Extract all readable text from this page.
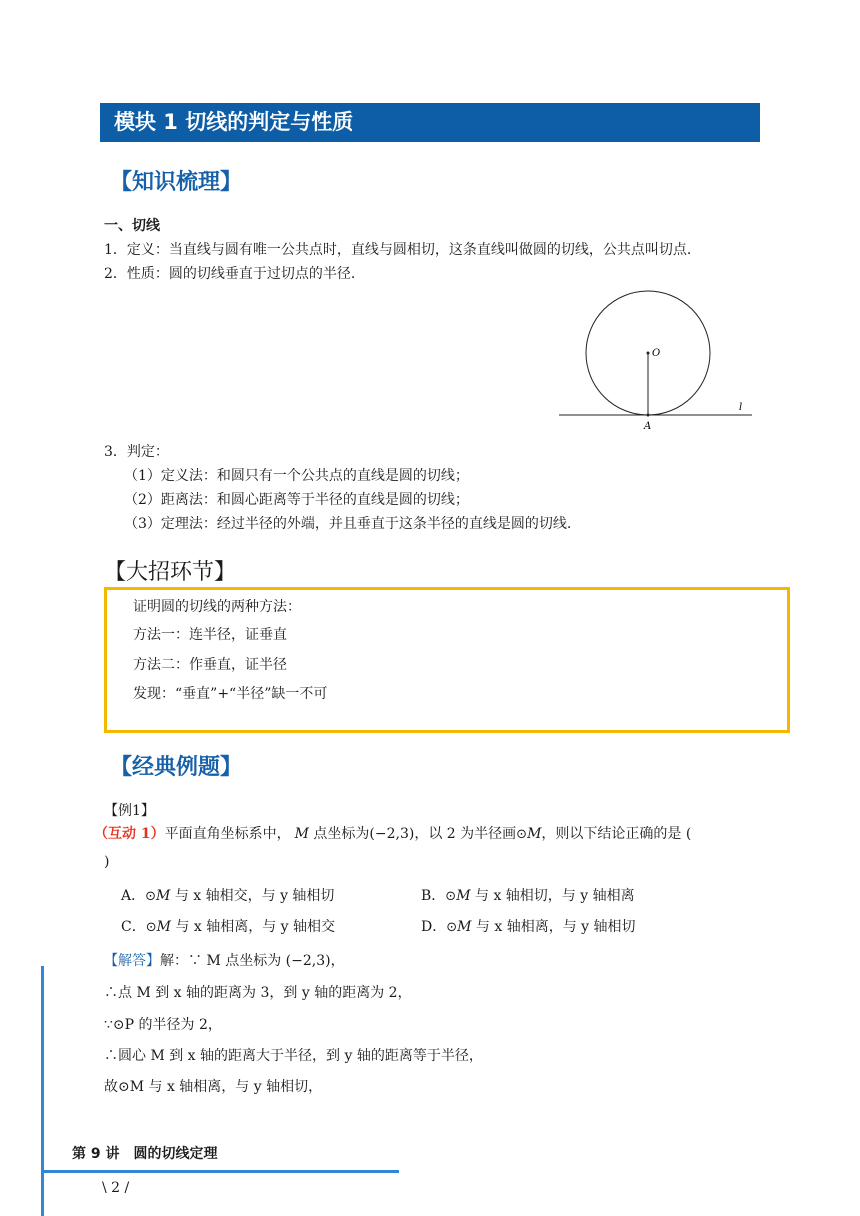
模块 1 切线的判定与性质
【知识梳理】
一、切线
1．定义：当直线与圆有唯一公共点时，直线与圆相切，这条直线叫做圆的切线，公共点叫切点.
2．性质：圆的切线垂直于过切点的半径.
O
A
l
3．判定：
（1）定义法：和圆只有一个公共点的直线是圆的切线；
（2）距离法：和圆心距离等于半径的直线是圆的切线；
（3）定理法：经过半径的外端，并且垂直于这条半径的直线是圆的切线.
【大招环节】
证明圆的切线的两种方法：
方法一：连半径，证垂直
方法二：作垂直，证半径
发现：“垂直”+“半径”缺一不可
【经典例题】
【例1】
（互动 1）平面直角坐标系中， M 点坐标为(−2,3)，以 2 为半径画⊙M，则以下结论正确的是 (
)
A．⊙M 与 x 轴相交，与 y 轴相切	B．⊙M 与 x 轴相切，与 y 轴相离
C．⊙M 与 x 轴相离，与 y 轴相交	D．⊙M 与 x 轴相离，与 y 轴相切
【解答】解：∵ M 点坐标为 (−2,3)，
∴点 M 到 x 轴的距离为 3，到 y 轴的距离为 2，
∵⊙P 的半径为 2，
∴圆心 M 到 x 轴的距离大于半径，到 y 轴的距离等于半径，
故⊙M 与 x 轴相离，与 y 轴相切，
第 9 讲　圆的切线定理
\ 2 /
